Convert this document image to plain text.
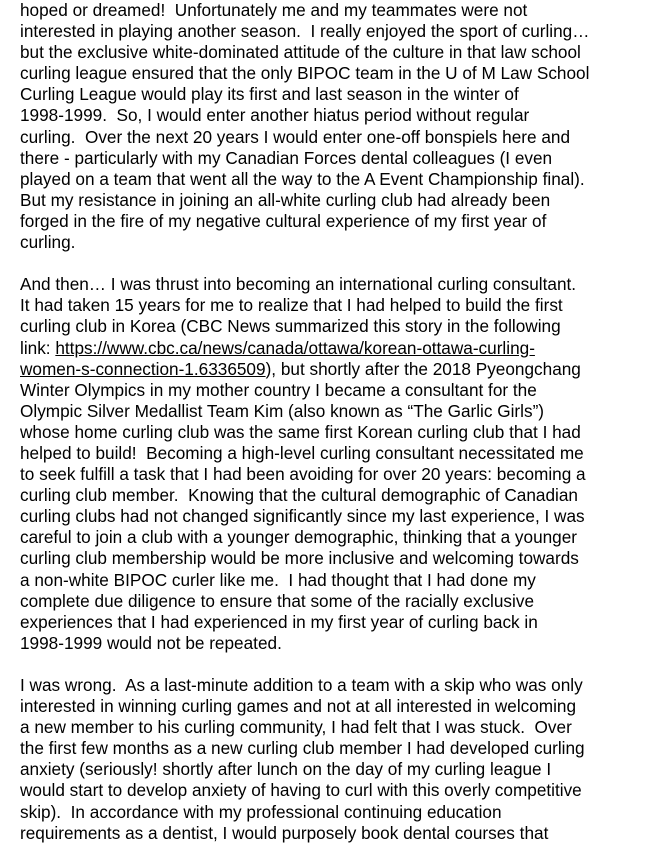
hoped or dreamed!  Unfortunately me and my teammates were not
interested in playing another season.  I really enjoyed the sport of curling…
but the exclusive white-dominated attitude of the culture in that law school
curling league ensured that the only BIPOC team in the U of M Law School
Curling League would play its first and last season in the winter of
1998-1999.  So, I would enter another hiatus period without regular
curling.  Over the next 20 years I would enter one-off bonspiels here and
there - particularly with my Canadian Forces dental colleagues (I even
played on a team that went all the way to the A Event Championship final).
But my resistance in joining an all-white curling club had already been
forged in the fire of my negative cultural experience of my first year of
curling.
And then… I was thrust into becoming an international curling consultant.
It had taken 15 years for me to realize that I had helped to build the first
curling club in Korea (CBC News summarized this story in the following
link: https://www.cbc.ca/news/canada/ottawa/korean-ottawa-curling-
women-s-connection-1.6336509), but shortly after the 2018 Pyeongchang
Winter Olympics in my mother country I became a consultant for the
Olympic Silver Medallist Team Kim (also known as “The Garlic Girls”)
whose home curling club was the same first Korean curling club that I had
helped to build!  Becoming a high-level curling consultant necessitated me
to seek fulfill a task that I had been avoiding for over 20 years: becoming a
curling club member.  Knowing that the cultural demographic of Canadian
curling clubs had not changed significantly since my last experience, I was
careful to join a club with a younger demographic, thinking that a younger
curling club membership would be more inclusive and welcoming towards
a non-white BIPOC curler like me.  I had thought that I had done my
complete due diligence to ensure that some of the racially exclusive
experiences that I had experienced in my first year of curling back in
1998-1999 would not be repeated.
I was wrong.  As a last-minute addition to a team with a skip who was only
interested in winning curling games and not at all interested in welcoming
a new member to his curling community, I had felt that I was stuck.  Over
the first few months as a new curling club member I had developed curling
anxiety (seriously! shortly after lunch on the day of my curling league I
would start to develop anxiety of having to curl with this overly competitive
skip).  In accordance with my professional continuing education
requirements as a dentist, I would purposely book dental courses that
